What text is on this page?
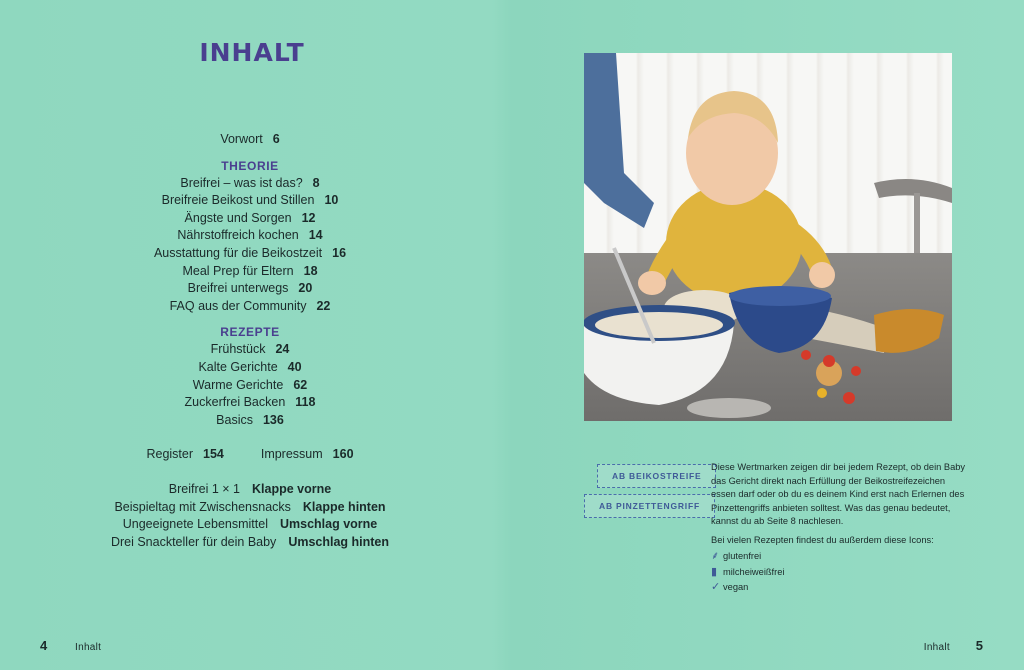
INHALT
Vorwort 6
THEORIE
Breifrei – was ist das? 8
Breifreie Beikost und Stillen 10
Ängste und Sorgen 12
Nährstoffreich kochen 14
Ausstattung für die Beikostzeit 16
Meal Prep für Eltern 18
Breifrei unterwegs 20
FAQ aus der Community 22
REZEPTE
Frühstück 24
Kalte Gerichte 40
Warme Gerichte 62
Zuckerfrei Backen 118
Basics 136
Register 154	Impressum 160
Breifrei 1 × 1 Klappe vorne
Beispieltag mit Zwischensnacks Klappe hinten
Ungeeignete Lebensmittel Umschlag vorne
Drei Snackteller für dein Baby Umschlag hinten
4	Inhalt
AB BEIKOSTREIFE
AB PINZETTENGRIFF
Diese Wertmarken zeigen dir bei jedem Rezept, ob dein Baby das Gericht direkt nach Erfüllung der Beikostreifezeichen essen darf oder ob du es deinem Kind erst nach Erlernen des Pinzettengriffs anbieten solltest. Was das genau bedeutet, kannst du ab Seite 8 nachlesen.
Bei vielen Rezepten findest du außerdem diese Icons:
⸙ glutenfrei
▮ milcheiweißfrei
✓ vegan
Inhalt 5
